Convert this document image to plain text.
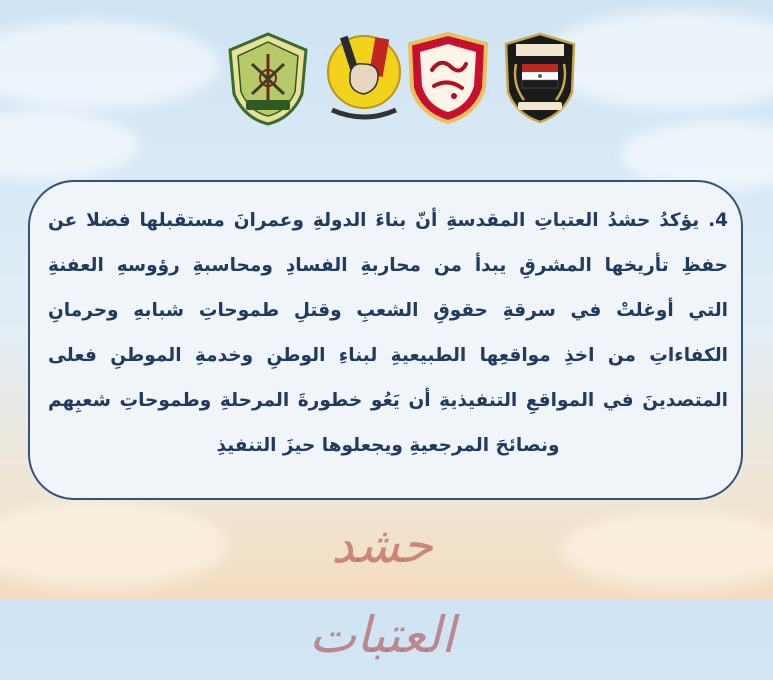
4. يؤكدُ حشدُ العتباتِ المقدسةِ أنّ بناءَ الدولةِ وعمرانَ مستقبلها فضلا عن
حفظِ تأريخها المشرقِ يبدأ من محاربةِ الفسادِ ومحاسبةِ رؤوسهِ العفنةِ
التي أوغلتْ في سرقةِ حقوقِ الشعبِ وقتلِ طموحاتِ شبابهِ وحرمانِ
الكفاءاتِ من اخذِ مواقعِها الطبيعيةِ لبناءِ الوطنِ وخدمةِ الموطنِ فعلى
المتصدينَ في المواقعِ التنفيذيةِ أن يَعُو خطورةَ المرحلةِ وطموحاتِ شعبِهم
ونصائحَ المرجعيةِ ويجعلوها حيزَ التنفيذِ

حشد العتبات
